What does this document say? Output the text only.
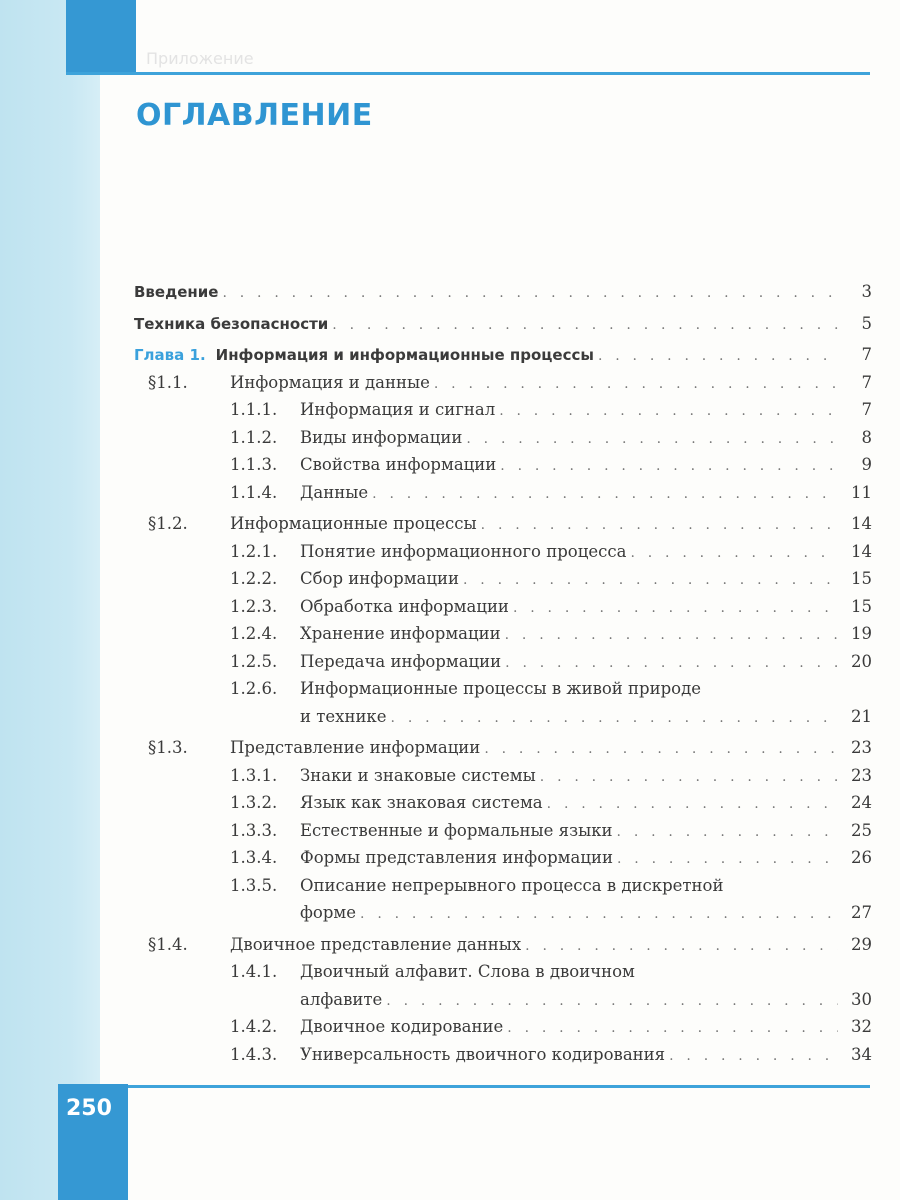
Приложение
ОГЛАВЛЕНИЕ
Введение . . .	3
Техника безопасности . . .	5
Глава 1. Информация и информационные процессы . . .	7
§1.1.	Информация и данные . . .	7
1.1.1. Информация и сигнал . . .	7
1.1.2. Виды информации . . .	8
1.1.3. Свойства информации . . .	9
1.1.4. Данные . . .	11
§1.2.	Информационные процессы . . .	14
1.2.1. Понятие информационного процесса . . .	14
1.2.2. Сбор информации . . .	15
1.2.3. Обработка информации . . .	15
1.2.4. Хранение информации . . .	19
1.2.5. Передача информации . . .	20
1.2.6. Информационные процессы в живой природе
и технике . . .	21
§1.3.	Представление информации . . .	23
1.3.1. Знаки и знаковые системы . . .	23
1.3.2. Язык как знаковая система . . .	24
1.3.3. Естественные и формальные языки . . .	25
1.3.4. Формы представления информации . . .	26
1.3.5. Описание непрерывного процесса в дискретной
форме . . .	27
§1.4.	Двоичное представление данных . . .	29
1.4.1. Двоичный алфавит. Слова в двоичном
алфавите . . .	30
1.4.2. Двоичное кодирование . . .	32
1.4.3. Универсальность двоичного кодирования . . .	34
250
